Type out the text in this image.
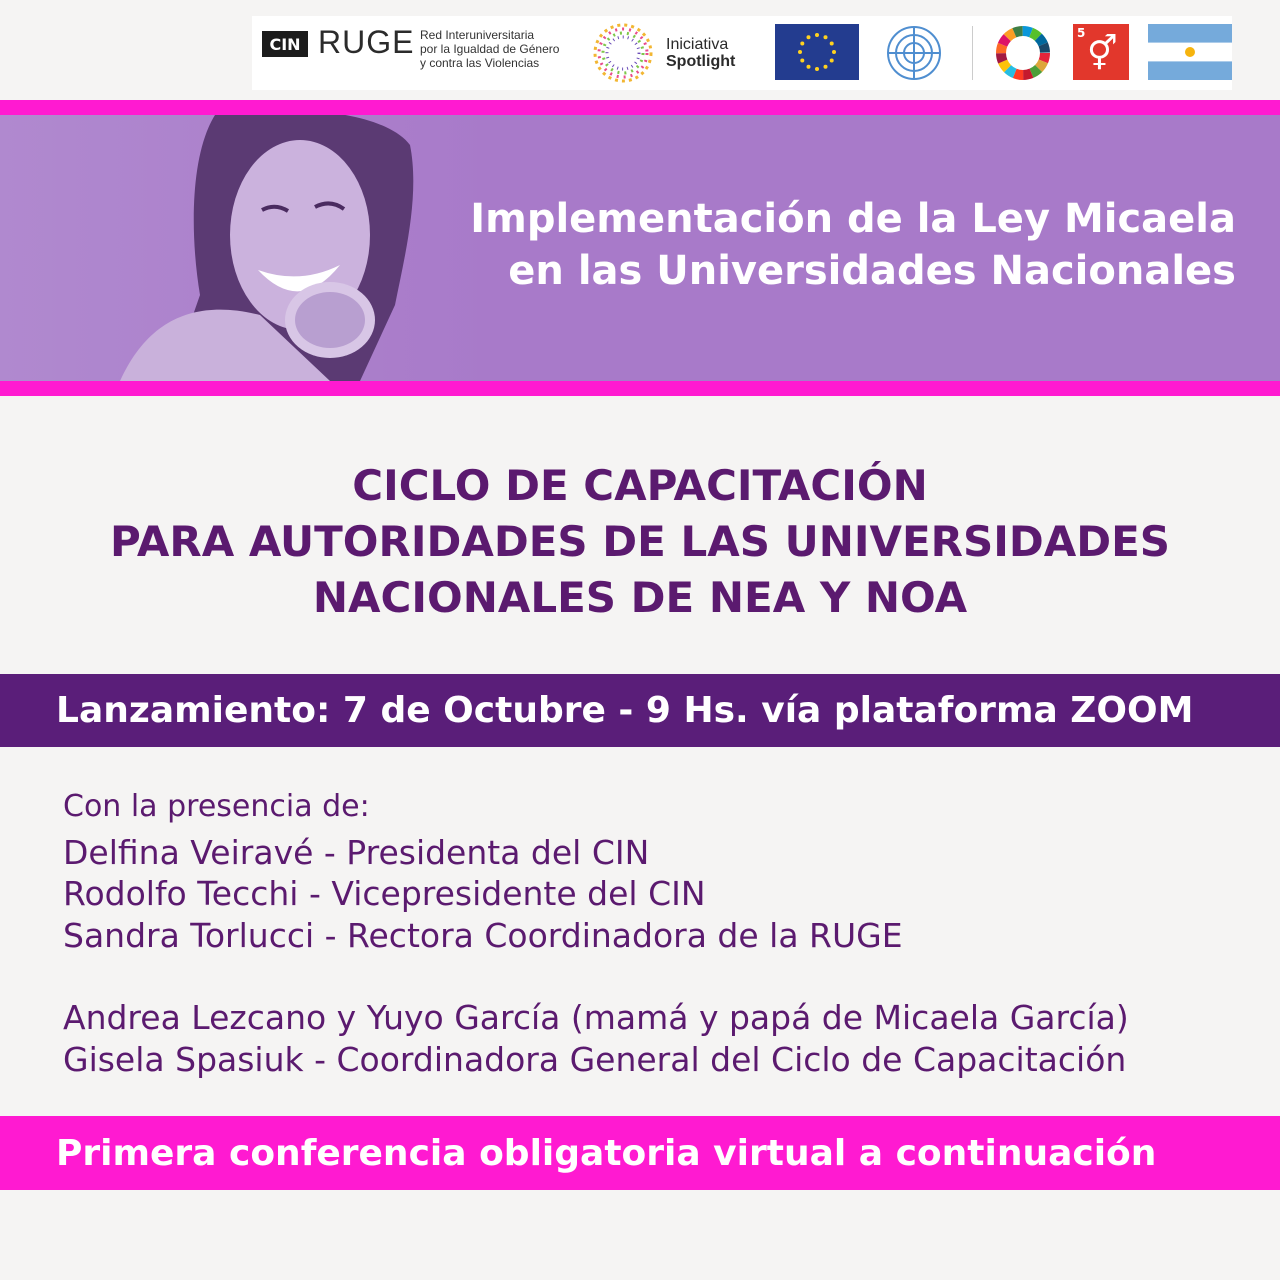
CIN RUGE Red Interuniversitaria
por la Igualdad de Género
y contra las Violencias
Iniciativa
Spotlight
5
⚥
Implementación de la Ley Micaela
en las Universidades Nacionales
CICLO DE CAPACITACIÓN
PARA AUTORIDADES DE LAS UNIVERSIDADES
NACIONALES DE NEA Y NOA
Lanzamiento: 7 de Octubre - 9 Hs. vía plataforma ZOOM
Con la presencia de:
Delfina Veiravé - Presidenta del CIN
Rodolfo Tecchi - Vicepresidente del CIN
Sandra Torlucci - Rectora Coordinadora de la RUGE
Andrea Lezcano y Yuyo García (mamá y papá de Micaela García)
Gisela Spasiuk - Coordinadora General del Ciclo de Capacitación
Primera conferencia obligatoria virtual a continuación
